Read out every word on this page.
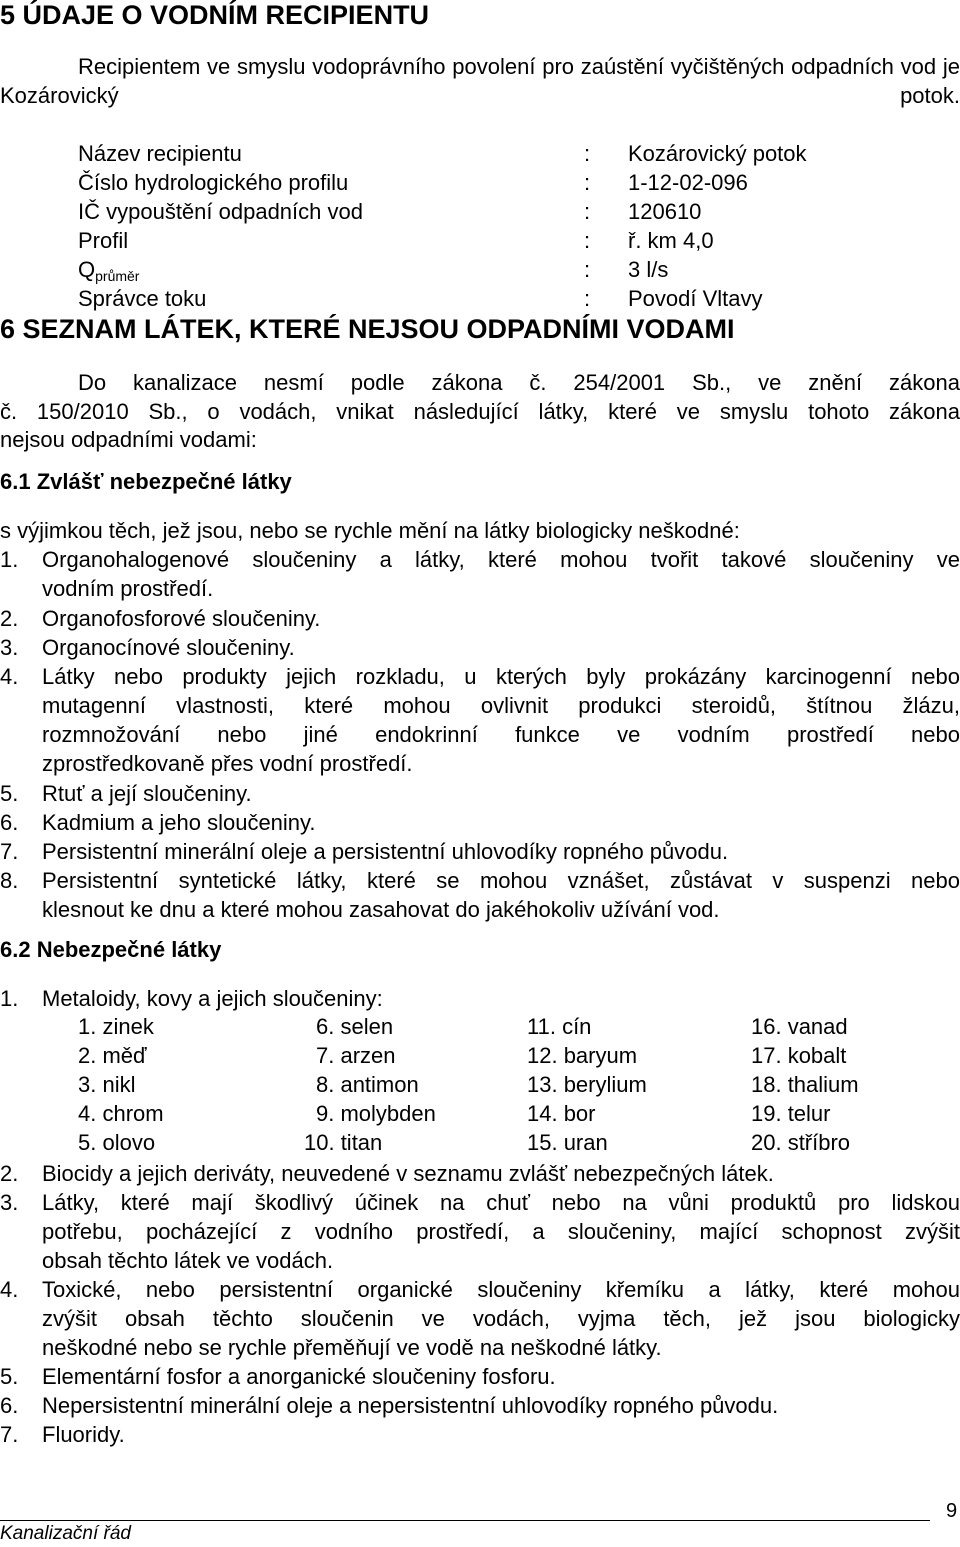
5 ÚDAJE O VODNÍM RECIPIENTU
Recipientem ve smyslu vodoprávního povolení pro zaústění vyčištěných odpadních vod je Kozárovický potok.
Název recipientu	: Kozárovický potok
Číslo hydrologického profilu	: 1-12-02-096
IČ vypouštění odpadních vod	: 120610
Profil	: ř. km 4,0
$Q_{průměr}$	: 3 l/s
Správce toku	: Povodí Vltavy
6 SEZNAM LÁTEK, KTERÉ NEJSOU ODPADNÍMI VODAMI
Do kanalizace nesmí podle zákona č. 254/2001 Sb., ve znění zákona
č. 150/2010 Sb., o vodách, vnikat následující látky, které ve smyslu tohoto zákona
nejsou odpadními vodami:
6.1 Zvlášť nebezpečné látky
s výjimkou těch, jež jsou, nebo se rychle mění na látky biologicky neškodné:
1. Organohalogenové sloučeniny a látky, které mohou tvořit takové sloučeniny ve
vodním prostředí.
2. Organofosforové sloučeniny.
3. Organocínové sloučeniny.
4. Látky nebo produkty jejich rozkladu, u kterých byly prokázány karcinogenní nebo
mutagenní vlastnosti, které mohou ovlivnit produkci steroidů, štítnou žlázu,
rozmnožování nebo jiné endokrinní funkce ve vodním prostředí nebo
zprostředkovaně přes vodní prostředí.
5. Rtuť a její sloučeniny.
6. Kadmium a jeho sloučeniny.
7. Persistentní minerální oleje a persistentní uhlovodíky ropného původu.
8. Persistentní syntetické látky, které se mohou vznášet, zůstávat v suspenzi nebo
klesnout ke dnu a které mohou zasahovat do jakéhokoliv užívání vod.
6.2 Nebezpečné látky
1. Metaloidy, kovy a jejich sloučeniny:
1. zinek	6. selen	11. cín	16. vanad
2. měď	7. arzen	12. baryum	17. kobalt
3. nikl	8. antimon	13. berylium	18. thalium
4. chrom	9. molybden	14. bor	19. telur
5. olovo	10. titan	15. uran	20. stříbro
2. Biocidy a jejich deriváty, neuvedené v seznamu zvlášť nebezpečných látek.
3. Látky, které mají škodlivý účinek na chuť nebo na vůni produktů pro lidskou
potřebu, pocházející z vodního prostředí, a sloučeniny, mající schopnost zvýšit
obsah těchto látek ve vodách.
4. Toxické, nebo persistentní organické sloučeniny křemíku a látky, které mohou
zvýšit obsah těchto sloučenin ve vodách, vyjma těch, jež jsou biologicky
neškodné nebo se rychle přeměňují ve vodě na neškodné látky.
5. Elementární fosfor a anorganické sloučeniny fosforu.
6. Nepersistentní minerální oleje a nepersistentní uhlovodíky ropného původu.
7. Fluoridy.
9
Kanalizační řád
